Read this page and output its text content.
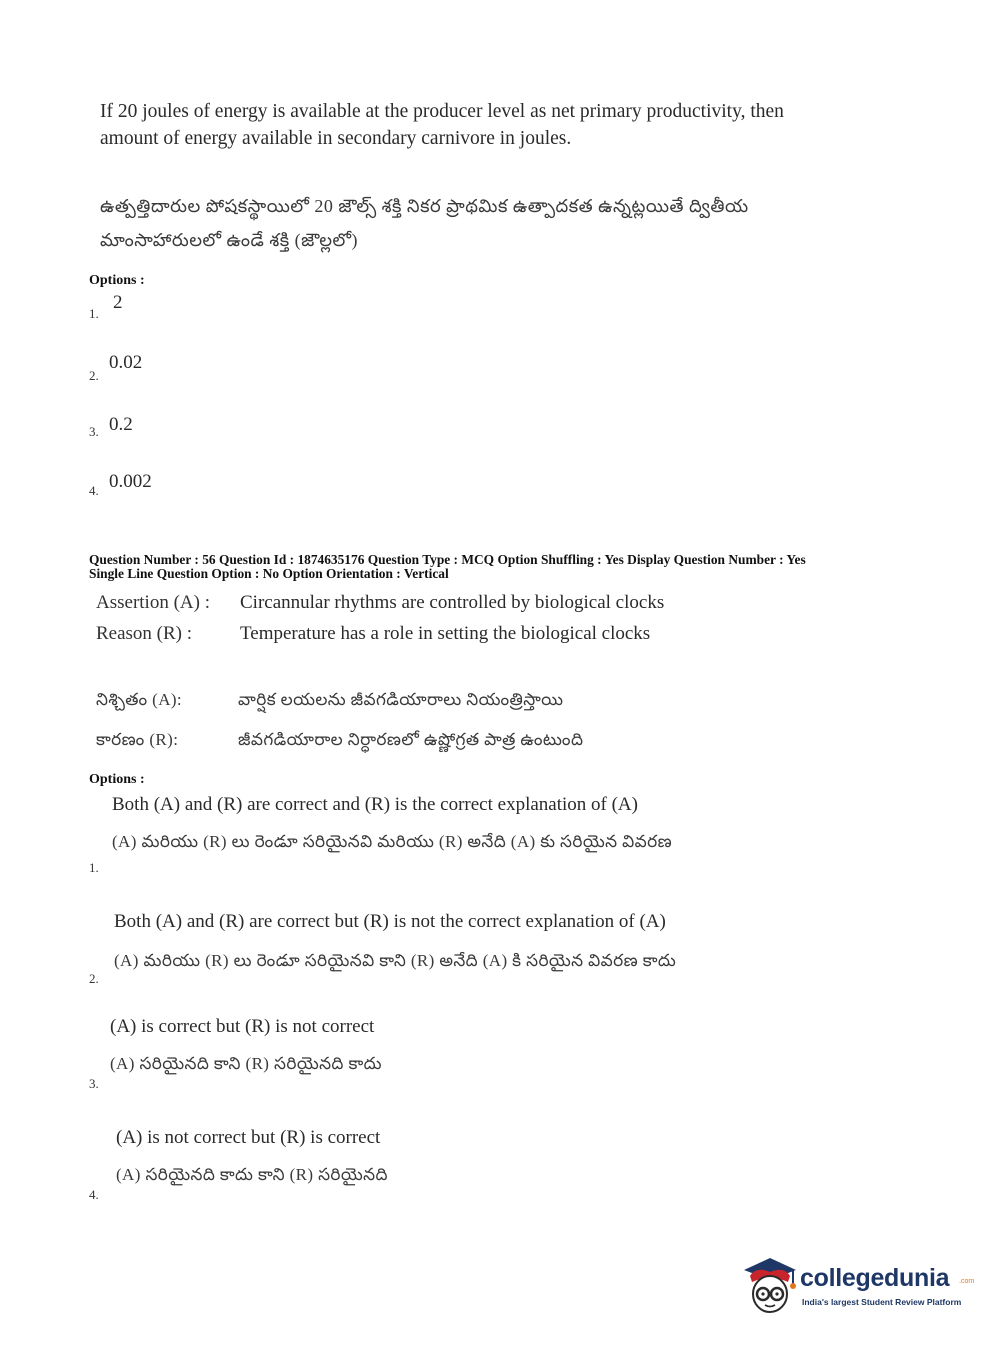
If 20 joules of energy is available at the producer level as net primary productivity, then
amount of energy available in secondary carnivore in joules.
ఉత్పత్తిదారుల పోషకస్థాయిలో 20 జౌల్స్ శక్తి నికర ప్రాథమిక ఉత్పాదకత ఉన్నట్లయితే ద్వితీయ
మాంసాహారులలో ఉండే శక్తి (జౌల్లలో)
Options :
1.
2
2.
0.02
3. 0.2
4. 0.002
Question Number : 56 Question Id : 1874635176 Question Type : MCQ Option Shuffling : Yes Display Question Number : Yes
Single Line Question Option : No Option Orientation : Vertical
Assertion (A) : Circannular rhythms are controlled by biological clocks
Reason (R) :	Temperature has a role in setting the biological clocks
నిశ్చితం (A):	వార్షిక లయలను జీవగడియారాలు నియంత్రిస్తాయి
కారణం (R):	జీవగడియారాల నిర్ధారణలో ఉష్ణోగ్రత పాత్ర ఉంటుంది
Options :
Both (A) and (R) are correct and (R) is the correct explanation of (A)
(A) మరియు (R) లు రెండూ సరియైనవి మరియు (R) అనేది (A) కు సరియైన వివరణ
1.
Both (A) and (R) are correct but (R) is not the correct explanation of (A)
(A) మరియు (R) లు రెండూ సరియైనవి కాని (R) అనేది (A) కి సరియైన వివరణ కాదు
2.
(A) is correct but (R) is not correct
(A) సరియైనది కాని (R) సరియైనది కాదు
3.
(A) is not correct but (R) is correct
(A) సరియైనది కాదు కాని (R) సరియైనది
4.
collegedunia .com
India's largest Student Review Platform
